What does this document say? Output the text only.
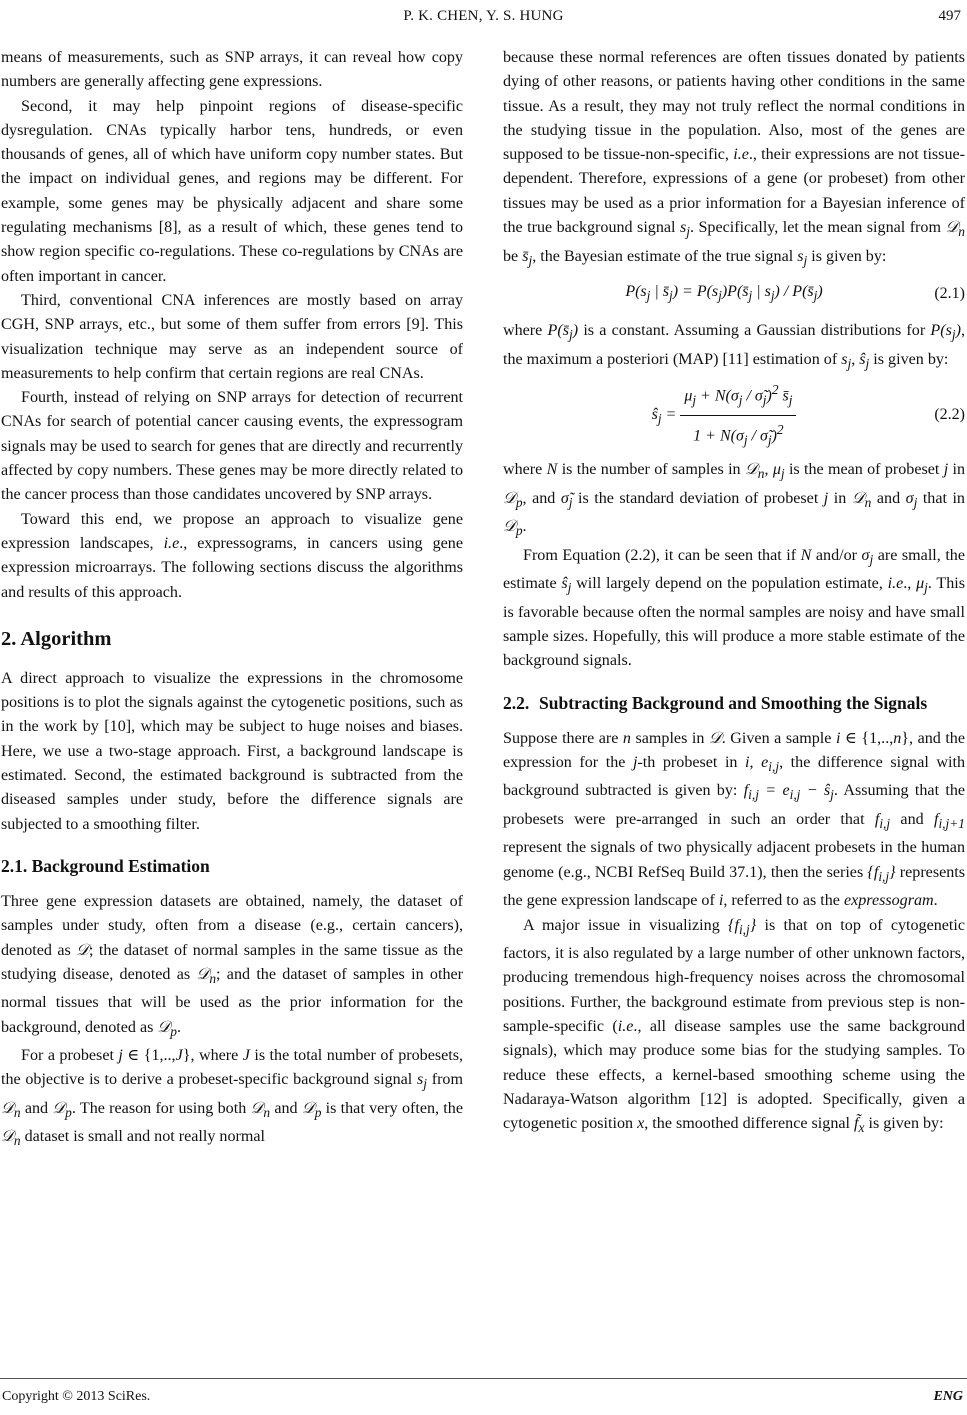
P. K. CHEN, Y. S. HUNG	497

means of measurements, such as SNP arrays, it can reveal how copy numbers are generally affecting gene expressions.

Second, it may help pinpoint regions of disease-specific dysregulation. CNAs typically harbor tens, hundreds, or even thousands of genes, all of which have uniform copy number states. But the impact on individual genes, and regions may be different. For example, some genes may be physically adjacent and share some regulating mechanisms [8], as a result of which, these genes tend to show region specific co-regulations. These co-regulations by CNAs are often important in cancer.

Third, conventional CNA inferences are mostly based on array CGH, SNP arrays, etc., but some of them suffer from errors [9]. This visualization technique may serve as an independent source of measurements to help confirm that certain regions are real CNAs.

Fourth, instead of relying on SNP arrays for detection of recurrent CNAs for search of potential cancer causing events, the expressogram signals may be used to search for genes that are directly and recurrently affected by copy numbers. These genes may be more directly related to the cancer process than those candidates uncovered by SNP arrays.

Toward this end, we propose an approach to visualize gene expression landscapes, i.e., expressograms, in cancers using gene expression microarrays. The following sections discuss the algorithms and results of this approach.

2. Algorithm

A direct approach to visualize the expressions in the chromosome positions is to plot the signals against the cytogenetic positions, such as in the work by [10], which may be subject to huge noises and biases. Here, we use a two-stage approach. First, a background landscape is estimated. Second, the estimated background is subtracted from the diseased samples under study, before the difference signals are subjected to a smoothing filter.

2.1. Background Estimation

Three gene expression datasets are obtained, namely, the dataset of samples under study, often from a disease (e.g., certain cancers), denoted as 𝒟; the dataset of normal samples in the same tissue as the studying disease, denoted as 𝒟$_n$; and the dataset of samples in other normal tissues that will be used as the prior information for the background, denoted as 𝒟$_p$.

For a probeset j ∈ {1,..,J}, where J is the total number of probesets, the objective is to derive a probeset-specific background signal $s_j$ from 𝒟$_n$ and 𝒟$_p$. The reason for using both 𝒟$_n$ and 𝒟$_p$ is that very often, the 𝒟$_n$ dataset is small and not really normal

because these normal references are often tissues donated by patients dying of other reasons, or patients having other conditions in the same tissue. As a result, they may not truly reflect the normal conditions in the studying tissue in the population. Also, most of the genes are supposed to be tissue-non-specific, i.e., their expressions are not tissue-dependent. Therefore, expressions of a gene (or probeset) from other tissues may be used as a prior information for a Bayesian inference of the true background signal $s_j$. Specifically, let the mean signal from 𝒟$_n$ be $s̄_j$, the Bayesian estimate of the true signal $s_j$ is given by:

$P(s_j$ | $s̄_j$) = $P(s_j)P(s̄_j$ | $s_j$) / $P(s̄_j)$	(2.1)

where $P(s̄_j)$ is a constant. Assuming a Gaussian distributions for $P(s_j)$, the maximum a posteriori (MAP) [11] estimation of $s_j$, $ŝ_j$ is given by:

$ŝ_j = \frac{\mu_j + N(\sigma_j / \sigmã_j)^2 s̄_j}{1 + N(\sigma_j / \sigmã_j)^2}$	(2.2)

where N is the number of samples in 𝒟$_n$, $\mu_j$ is the mean of probeset j in 𝒟$_p$, and $\sigmã_j$ is the standard deviation of probeset j in 𝒟$_n$ and $\sigma_j$ that in 𝒟$_p$.

From Equation (2.2), it can be seen that if N and/or $\sigma_j$ are small, the estimate $ŝ_j$ will largely depend on the population estimate, i.e., $\mu_j$. This is favorable because often the normal samples are noisy and have small sample sizes. Hopefully, this will produce a more stable estimate of the background signals.

2.2. Subtracting Background and Smoothing the Signals

Suppose there are n samples in 𝒟. Given a sample i ∈ {1,..,n}, and the expression for the j-th probeset in i, $e_{i,j}$, the difference signal with background subtracted is given by: $f_{i,j} = e_{i,j}$ − $ŝ_j$. Assuming that the probesets were pre-arranged in such an order that $f_{i,j}$ and $f_{i,j+1}$ represent the signals of two physically adjacent probesets in the human genome (e.g., NCBI RefSeq Build 37.1), then the series $\{f_{i,j}\}$ represents the gene expression landscape of i, referred to as the expressogram.

A major issue in visualizing $\{f_{i,j}\}$ is that on top of cytogenetic factors, it is also regulated by a large number of other unknown factors, producing tremendous high-frequency noises across the chromosomal positions. Further, the background estimate from previous step is non-sample-specific (i.e., all disease samples use the same background signals), which may produce some bias for the studying samples. To reduce these effects, a kernel-based smoothing scheme using the Nadaraya-Watson algorithm [12] is adopted. Specifically, given a cytogenetic position x, the smoothed difference signal $f̃_x$ is given by:

Copyright © 2013 SciRes.	ENG
